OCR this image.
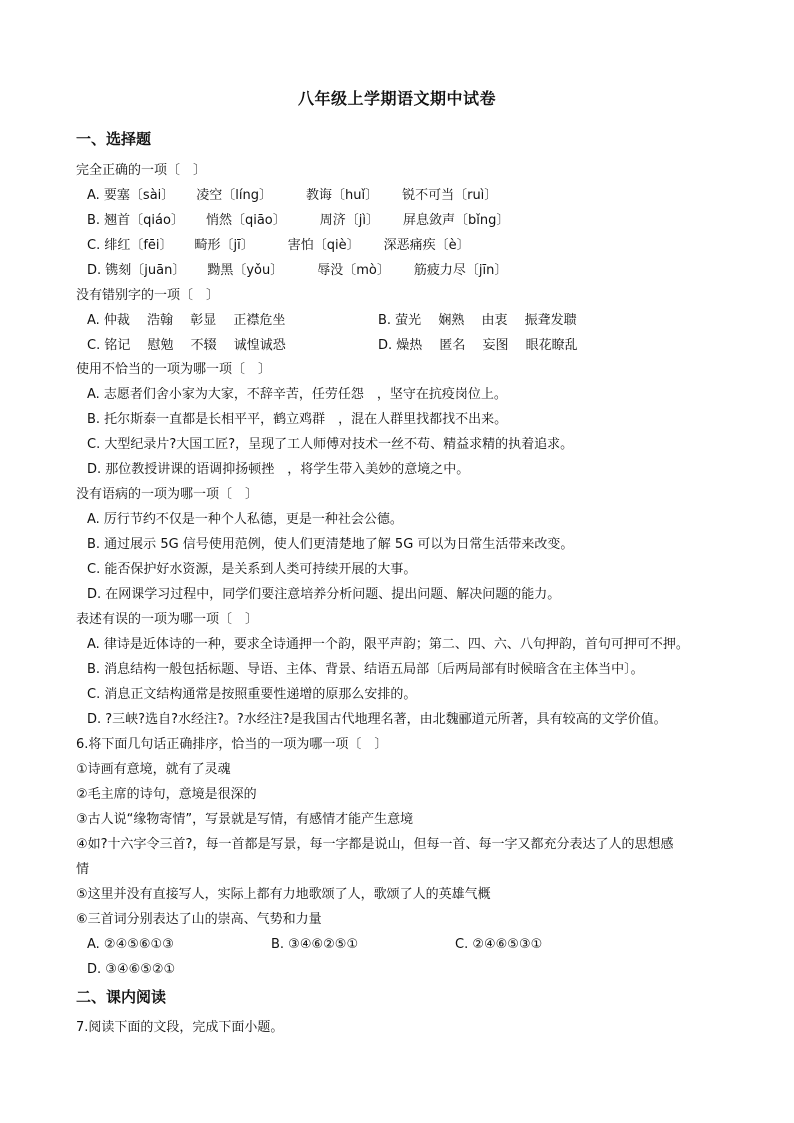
八年级上学期语文期中试卷
一、选择题
完全正确的一项〔　〕
A. 要塞〔sài〕 凌空〔líng〕	教诲〔huǐ〕 锐不可当〔ruì〕
B. 翘首〔qiáo〕 悄然〔qiāo〕	周济〔jì〕 屏息敛声〔bǐng〕
C. 绯红〔fēi〕 畸形〔jī〕	害怕〔qiè〕 深恶痛疾〔è〕
D. 镌刻〔juān〕 黝黑〔yǒu〕	辱没〔mò〕 筋疲力尽〔jīn〕
没有错别字的一项〔　〕
A. 仲裁　 浩翰　 彰显　 正襟危坐	B. 萤光　 娴熟　 由衷　 振聋发聩
C. 铭记　 慰勉　 不辍　 诚惶诚恐	D. 燥热　 匿名　 妄图　 眼花瞭乱
使用不恰当的一项为哪一项〔　〕
A. 志愿者们舍小家为大家，不辞辛苦，任劳任怨　，坚守在抗疫岗位上。
B. 托尔斯泰一直都是长相平平，鹤立鸡群　，混在人群里找都找不出来。
C. 大型纪录片?大国工匠?，呈现了工人师傅对技术一丝不苟、精益求精的执着追求。
D. 那位教授讲课的语调抑扬顿挫　，将学生带入美妙的意境之中。
没有语病的一项为哪一项〔　〕
A. 厉行节约不仅是一种个人私德，更是一种社会公德。
B. 通过展示 5G 信号使用范例，使人们更清楚地了解 5G 可以为日常生活带来改变。
C. 能否保护好水资源，是关系到人类可持续开展的大事。
D. 在网课学习过程中，同学们要注意培养分析问题、提出问题、解决问题的能力。
表述有误的一项为哪一项〔　〕
A. 律诗是近体诗的一种，要求全诗通押一个韵，限平声韵；第二、四、六、八句押韵，首句可押可不押。
B. 消息结构一般包括标题、导语、主体、背景、结语五局部〔后两局部有时候暗含在主体当中〕。
C. 消息正文结构通常是按照重要性递增的原那么安排的。
D. ?三峡?选自?水经注?。?水经注?是我国古代地理名著，由北魏郦道元所著，具有较高的文学价值。
6.将下面几句话正确排序，恰当的一项为哪一项〔　〕
①诗画有意境，就有了灵魂
②毛主席的诗句，意境是很深的
③古人说“缘物寄情”，写景就是写情，有感情才能产生意境
④如?十六字令三首?，每一首都是写景，每一字都是说山，但每一首、每一字又都充分表达了人的思想感
情
⑤这里并没有直接写人，实际上都有力地歌颂了人，歌颂了人的英雄气概
⑥三首词分别表达了山的崇高、气势和力量
A. ②④⑤⑥①③	B. ③④⑥②⑤①	C. ②④⑥⑤③①
D. ③④⑥⑤②①
二、课内阅读
7.阅读下面的文段，完成下面小题。
